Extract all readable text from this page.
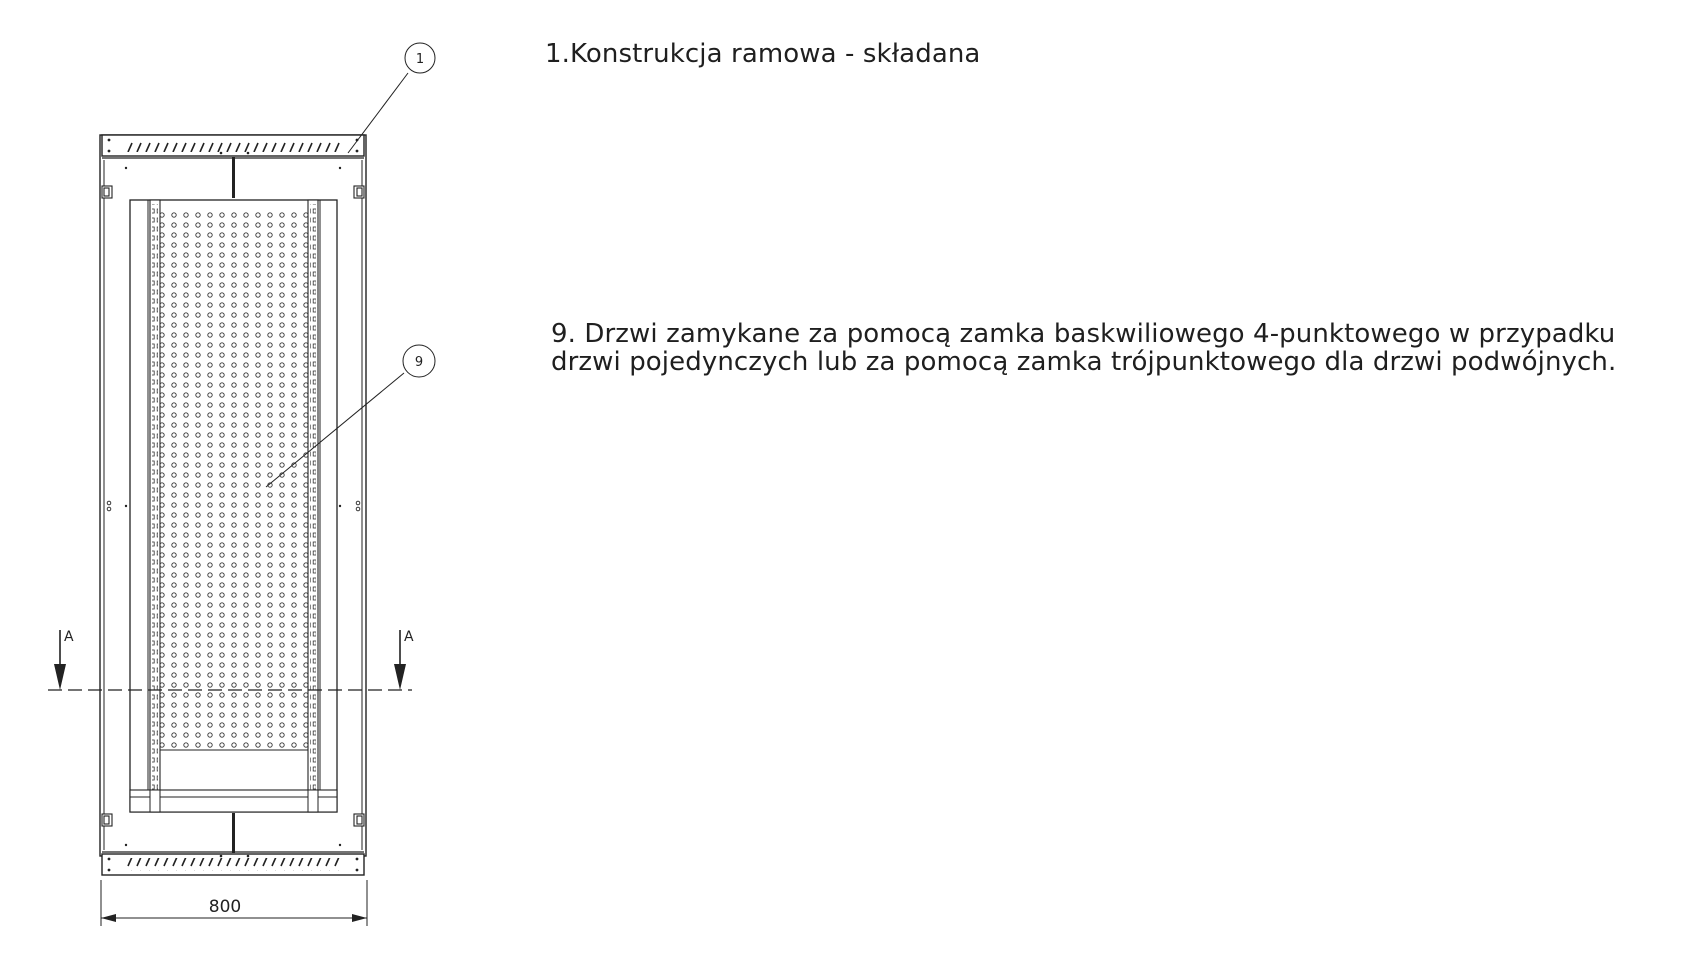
A	A
1
9
800
1.Konstrukcja ramowa - składana
9. Drzwi zamykane za pomocą zamka baskwiliowego 4-punktowego w przypadku
drzwi pojedynczych lub za pomocą zamka trójpunktowego dla drzwi podwójnych.
